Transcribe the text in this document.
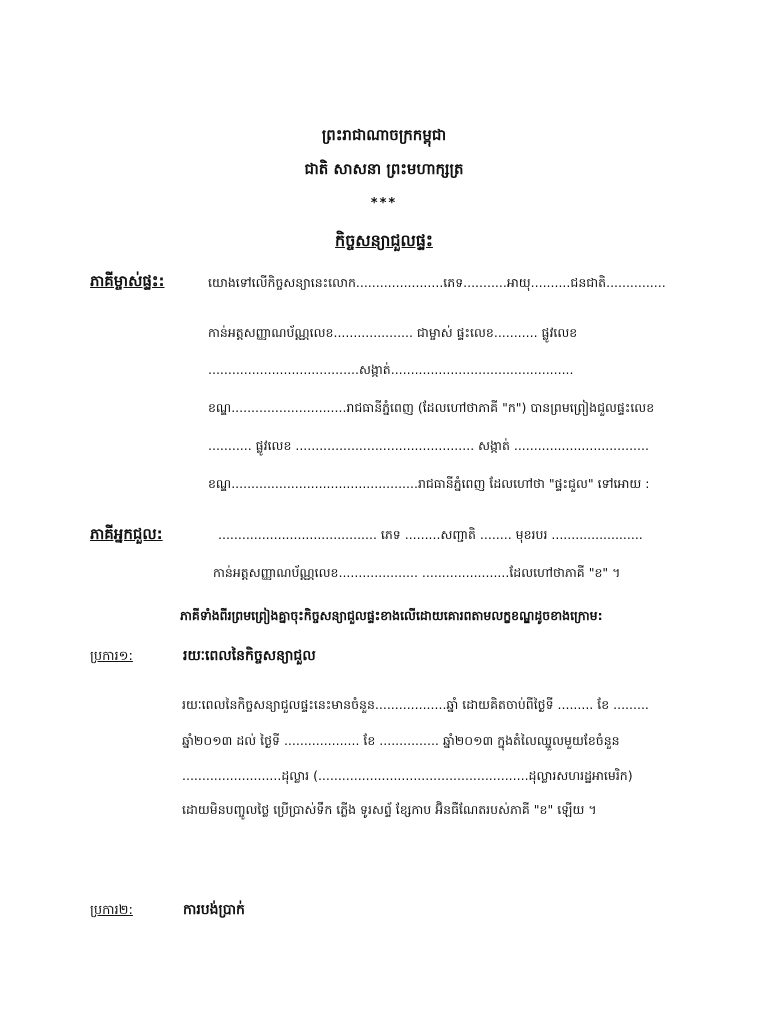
ព្រះរាជាណាចក្រកម្ពុជា
ជាតិ សាសនា ព្រះមហាក្សត្រ
***
កិច្ចសន្យាជួលផ្ទះ
ភាគីម្ចាស់ផ្ទះ:	យោងទៅលើកិច្ចសន្យានេះលោក......................ភេទ...........អាយុ..........ជនជាតិ...............
កាន់អត្តសញ្ញាណប័ណ្ណលេខ.................... ជាម្ចាស់ ផ្ទះលេខ........... ផ្លូវលេខ
......................................សង្កាត់..............................................
ខណ្ឌ.............................រាជធានីភ្នំពេញ (ដែលហៅថាភាគី "ក") បានព្រមព្រៀងជួលផ្ទះលេខ
........... ផ្លូវលេខ ............................................. សង្កាត់ ..................................
ខណ្ឌ...............................................រាជធានីភ្នំពេញ ដែលហៅថា "ផ្ទះជួល" ទៅអោយ :
ភាគីអ្នកជួល:	........................................ ភេទ .........សញ្ជាតិ ........ មុខរបរ .......................
កាន់អត្តសញ្ញាណប័ណ្ណលេខ.................... ......................ដែលហៅថាភាគី "ខ" ។
ភាគីទាំងពីរព្រមព្រៀងគ្នាចុះកិច្ចសន្យាជួលផ្ទះខាងលើដោយគោរពតាមលក្ខខណ្ឌដូចខាងក្រោម:
ប្រការ១:	រយៈពេលនៃកិច្ចសន្យាជួល
រយៈពេលនៃកិច្ចសន្យាជួលផ្ទះនេះមានចំនួន..................ឆ្នាំ ដោយគិតចាប់ពីថ្ងៃទី ......... ខែ .........
ឆ្នាំ២០១៣ ដល់ ថ្ងៃទី ................... ខែ ............... ឆ្នាំ២០១៣ ក្នុងតំលៃឈ្នួលមួយខែចំនួន
.........................ដុល្លារ (.....................................................ដុល្លារសហរដ្ឋអាមេរិក)
ដោយមិនបញ្ចូលថ្លៃ ប្រើប្រាស់ទឹក ភ្លើង ទូរសព្ទ័ ខ្សែកាប អ៊ិនធឺណែតរបស់ភាគី "ខ" ឡើយ ។
ប្រការ២:	ការបង់ប្រាក់
